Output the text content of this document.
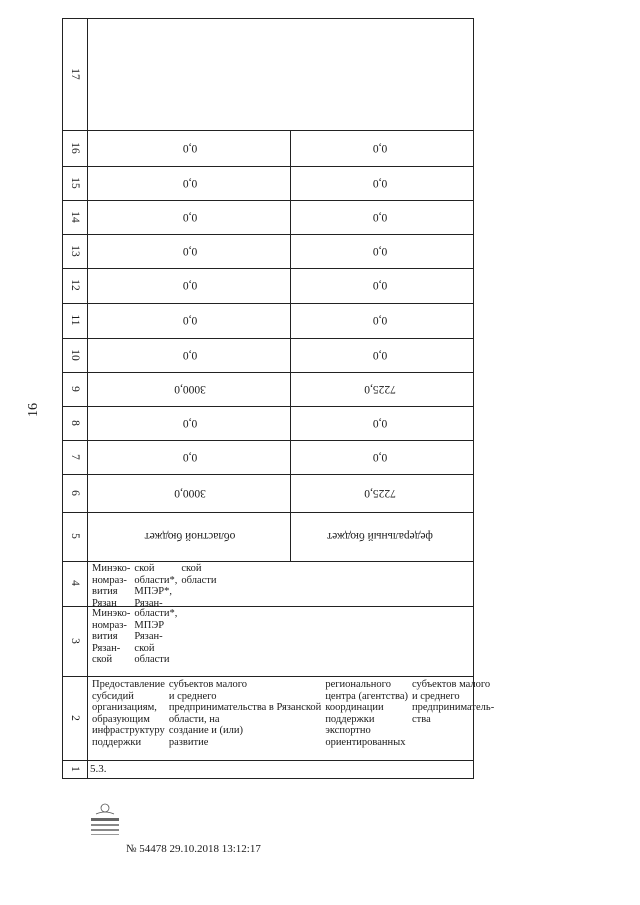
16
17
16
15
14
13
12
11
10
9
8
7
6
5
4
3
2
1 5.3.
областной бюджет
3000,0
0,0
0,0
3000,0
0,0
0,0
0,0
0,0
0,0
0,0
0,0
федеральный бюджет
7225,0
0,0
0,0
7225,0
0,0
0,0
0,0
0,0
0,0
0,0
0,0
Предоставление
субсидий
организациям,
образующим
инфраструктуру
поддержки
субъектов малого
и среднего
предпринимательства в Рязанской
области, на
создание и (или)
развитие
регионального
центра (агентства)
координации
поддержки
экспортно
ориентированных
субъектов малого
и среднего
предприниматель-
ства
Минэко-
номраз-
вития
Рязан-
ской
области*,
МПЭР
Рязан-
ской
области
Минэко-
номраз-
вития
Рязан
ской
области*,
МПЭР*,
Рязан-
ской
области
№ 54478 29.10.2018 13:12:17
